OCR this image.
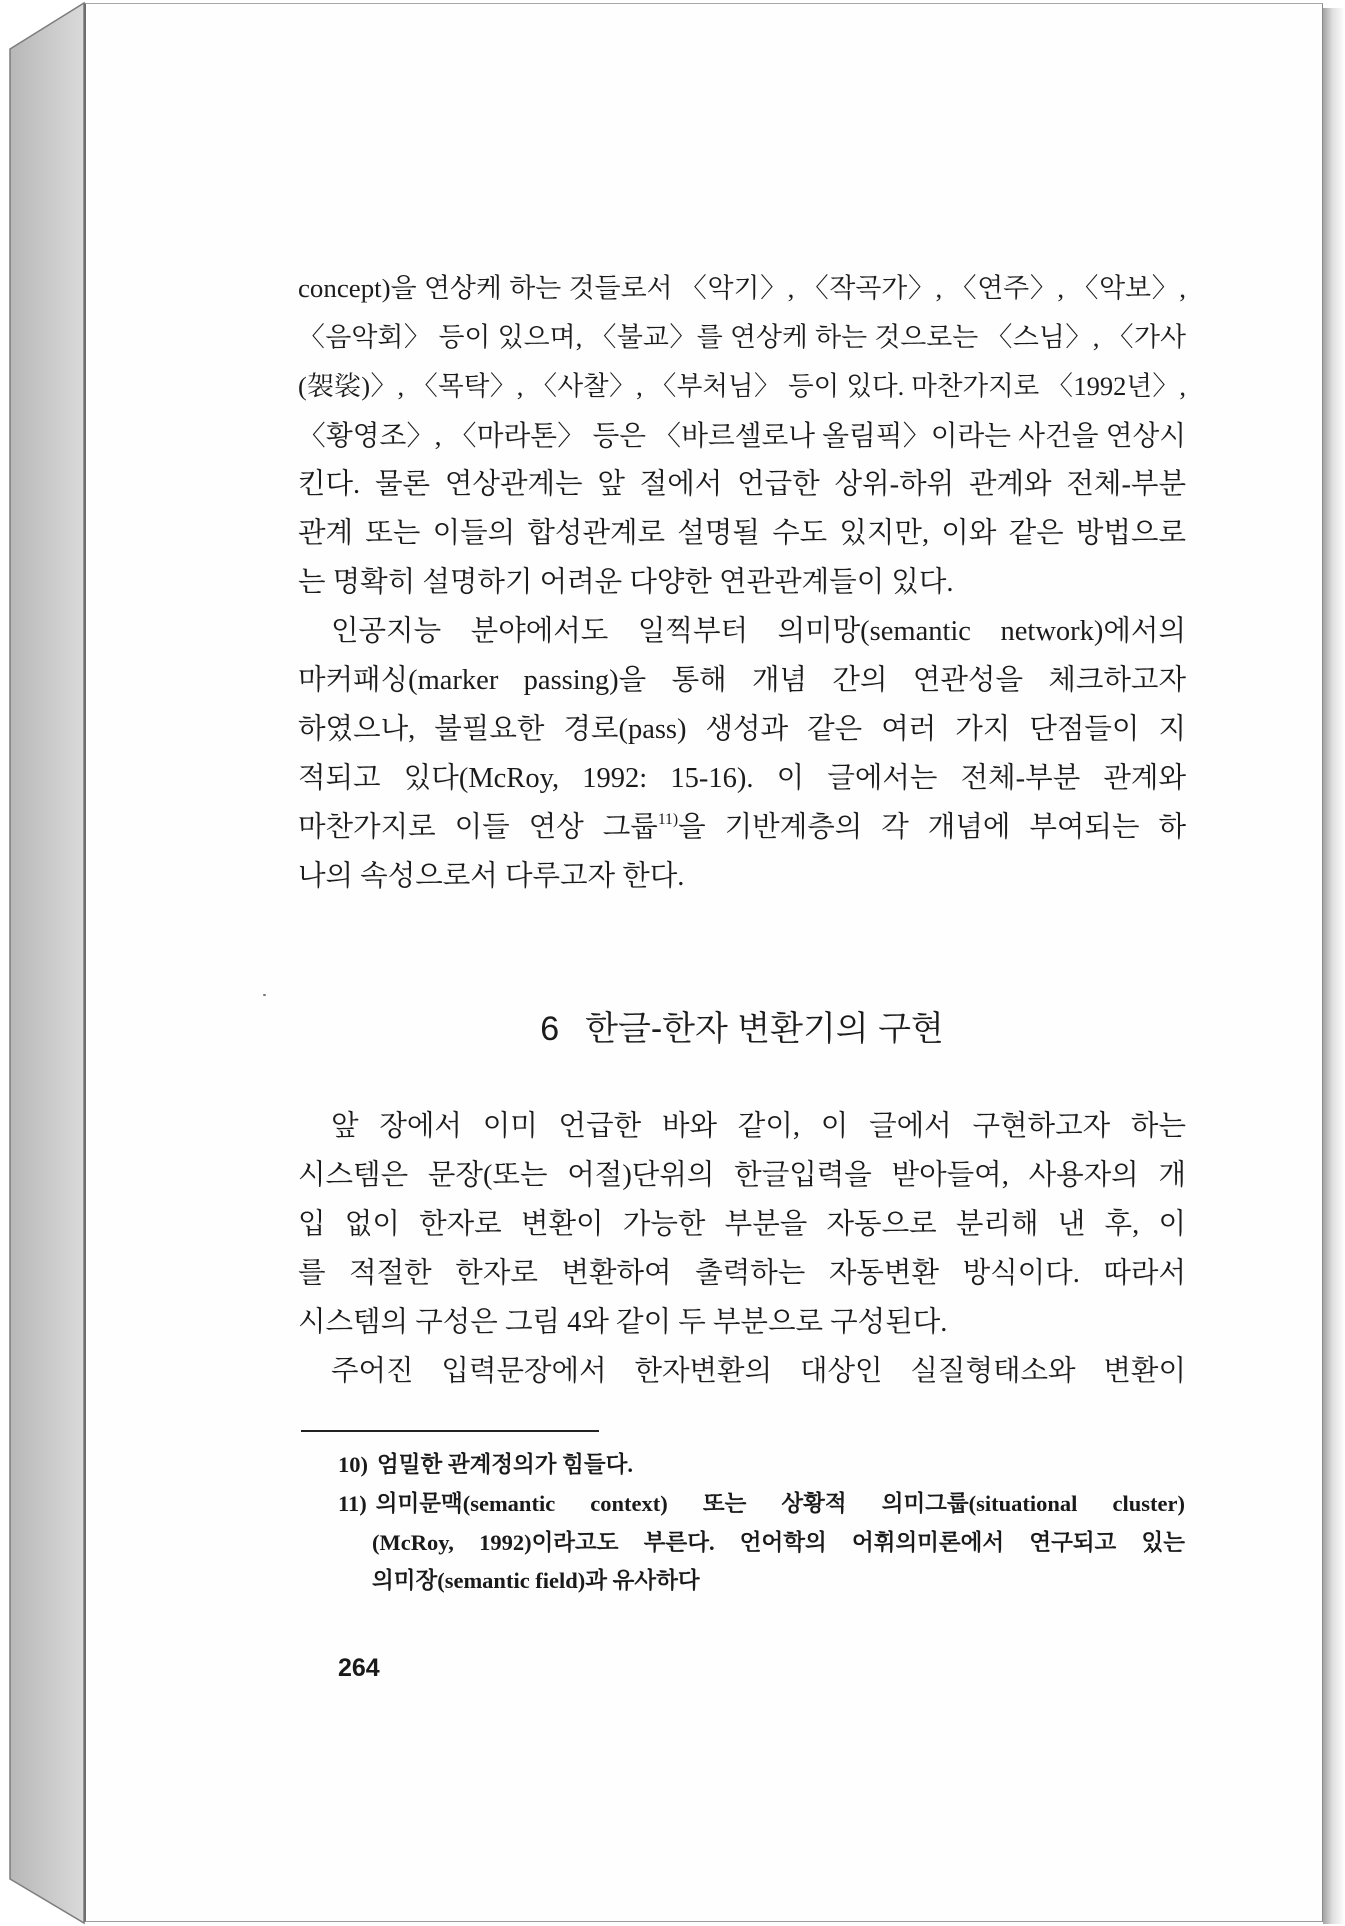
concept)을 연상케 하는 것들로서 〈악기〉, 〈작곡가〉, 〈연주〉, 〈악보〉,
〈음악회〉 등이 있으며, 〈불교〉를 연상케 하는 것으로는 〈스님〉, 〈가사
(袈裟)〉, 〈목탁〉, 〈사찰〉, 〈부처님〉 등이 있다. 마찬가지로 〈1992년〉,
〈황영조〉, 〈마라톤〉 등은 〈바르셀로나 올림픽〉이라는 사건을 연상시
킨다. 물론 연상관계는 앞 절에서 언급한 상위-하위 관계와 전체-부분
관계 또는 이들의 합성관계로 설명될 수도 있지만, 이와 같은 방법으로
는 명확히 설명하기 어려운 다양한 연관관계들이 있다.
인공지능 분야에서도 일찍부터 의미망(semantic network)에서의
마커패싱(marker passing)을 통해 개념 간의 연관성을 체크하고자
하였으나, 불필요한 경로(pass) 생성과 같은 여러 가지 단점들이 지
적되고 있다(McRoy, 1992: 15-16). 이 글에서는 전체-부분 관계와
마찬가지로 이들 연상 그룹$^{11)}$을 기반계층의 각 개념에 부여되는 하
나의 속성으로서 다루고자 한다.
6 한글-한자 변환기의 구현
앞 장에서 이미 언급한 바와 같이, 이 글에서 구현하고자 하는
시스템은 문장(또는 어절)단위의 한글입력을 받아들여, 사용자의 개
입 없이 한자로 변환이 가능한 부분을 자동으로 분리해 낸 후, 이
를 적절한 한자로 변환하여 출력하는 자동변환 방식이다. 따라서
시스템의 구성은 그림 4와 같이 두 부분으로 구성된다.
주어진 입력문장에서 한자변환의 대상인 실질형태소와 변환이
10) 엄밀한 관계정의가 힘들다.
11) 의미문맥(semantic context) 또는 상황적 의미그룹(situational cluster)
(McRoy, 1992)이라고도 부른다. 언어학의 어휘의미론에서 연구되고 있는
의미장(semantic field)과 유사하다
264
